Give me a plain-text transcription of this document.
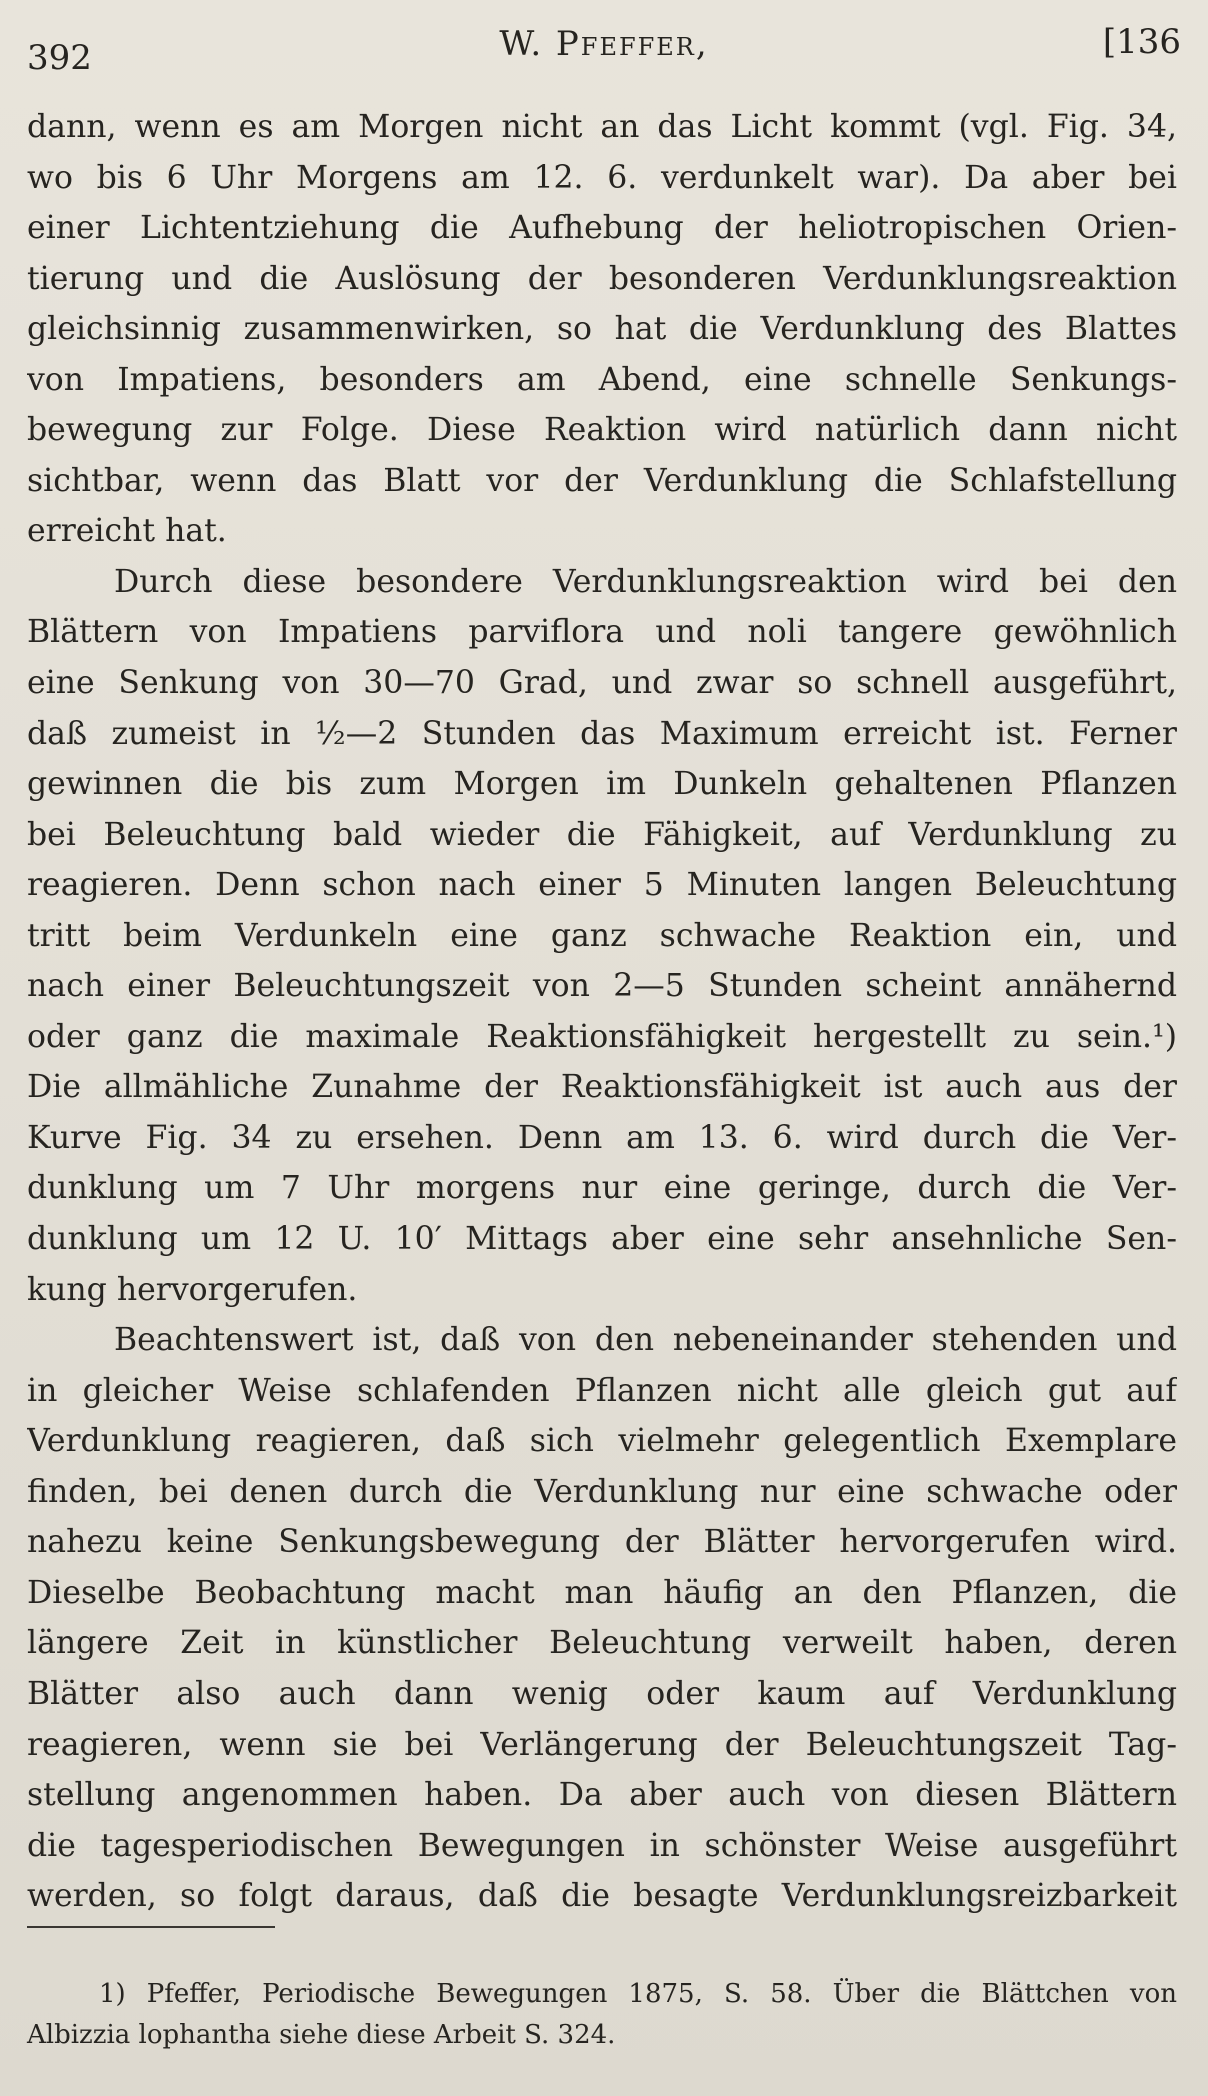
392	W. Pfeffer,	[136
dann, wenn es am Morgen nicht an das Licht kommt (vgl. Fig. 34,
wo bis 6 Uhr Morgens am 12. 6. verdunkelt war). Da aber bei
einer Lichtentziehung die Aufhebung der heliotropischen Orien-
tierung und die Auslösung der besonderen Verdunklungsreaktion
gleichsinnig zusammenwirken, so hat die Verdunklung des Blattes
von Impatiens, besonders am Abend, eine schnelle Senkungs-
bewegung zur Folge. Diese Reaktion wird natürlich dann nicht
sichtbar, wenn das Blatt vor der Verdunklung die Schlafstellung
erreicht hat.
Durch diese besondere Verdunklungsreaktion wird bei den
Blättern von Impatiens parviflora und noli tangere gewöhnlich
eine Senkung von 30—70 Grad, und zwar so schnell ausgeführt,
daß zumeist in ½—2 Stunden das Maximum erreicht ist. Ferner
gewinnen die bis zum Morgen im Dunkeln gehaltenen Pflanzen
bei Beleuchtung bald wieder die Fähigkeit, auf Verdunklung zu
reagieren. Denn schon nach einer 5 Minuten langen Beleuchtung
tritt beim Verdunkeln eine ganz schwache Reaktion ein, und
nach einer Beleuchtungszeit von 2—5 Stunden scheint annähernd
oder ganz die maximale Reaktionsfähigkeit hergestellt zu sein.¹)
Die allmähliche Zunahme der Reaktionsfähigkeit ist auch aus der
Kurve Fig. 34 zu ersehen. Denn am 13. 6. wird durch die Ver-
dunklung um 7 Uhr morgens nur eine geringe, durch die Ver-
dunklung um 12 U. 10′ Mittags aber eine sehr ansehnliche Sen-
kung hervorgerufen.
Beachtenswert ist, daß von den nebeneinander stehenden und
in gleicher Weise schlafenden Pflanzen nicht alle gleich gut auf
Verdunklung reagieren, daß sich vielmehr gelegentlich Exemplare
finden, bei denen durch die Verdunklung nur eine schwache oder
nahezu keine Senkungsbewegung der Blätter hervorgerufen wird.
Dieselbe Beobachtung macht man häufig an den Pflanzen, die
längere Zeit in künstlicher Beleuchtung verweilt haben, deren
Blätter also auch dann wenig oder kaum auf Verdunklung
reagieren, wenn sie bei Verlängerung der Beleuchtungszeit Tag-
stellung angenommen haben. Da aber auch von diesen Blättern
die tagesperiodischen Bewegungen in schönster Weise ausgeführt
werden, so folgt daraus, daß die besagte Verdunklungsreizbarkeit
1) Pfeffer, Periodische Bewegungen 1875, S. 58. Über die Blättchen von
Albizzia lophantha siehe diese Arbeit S. 324.
